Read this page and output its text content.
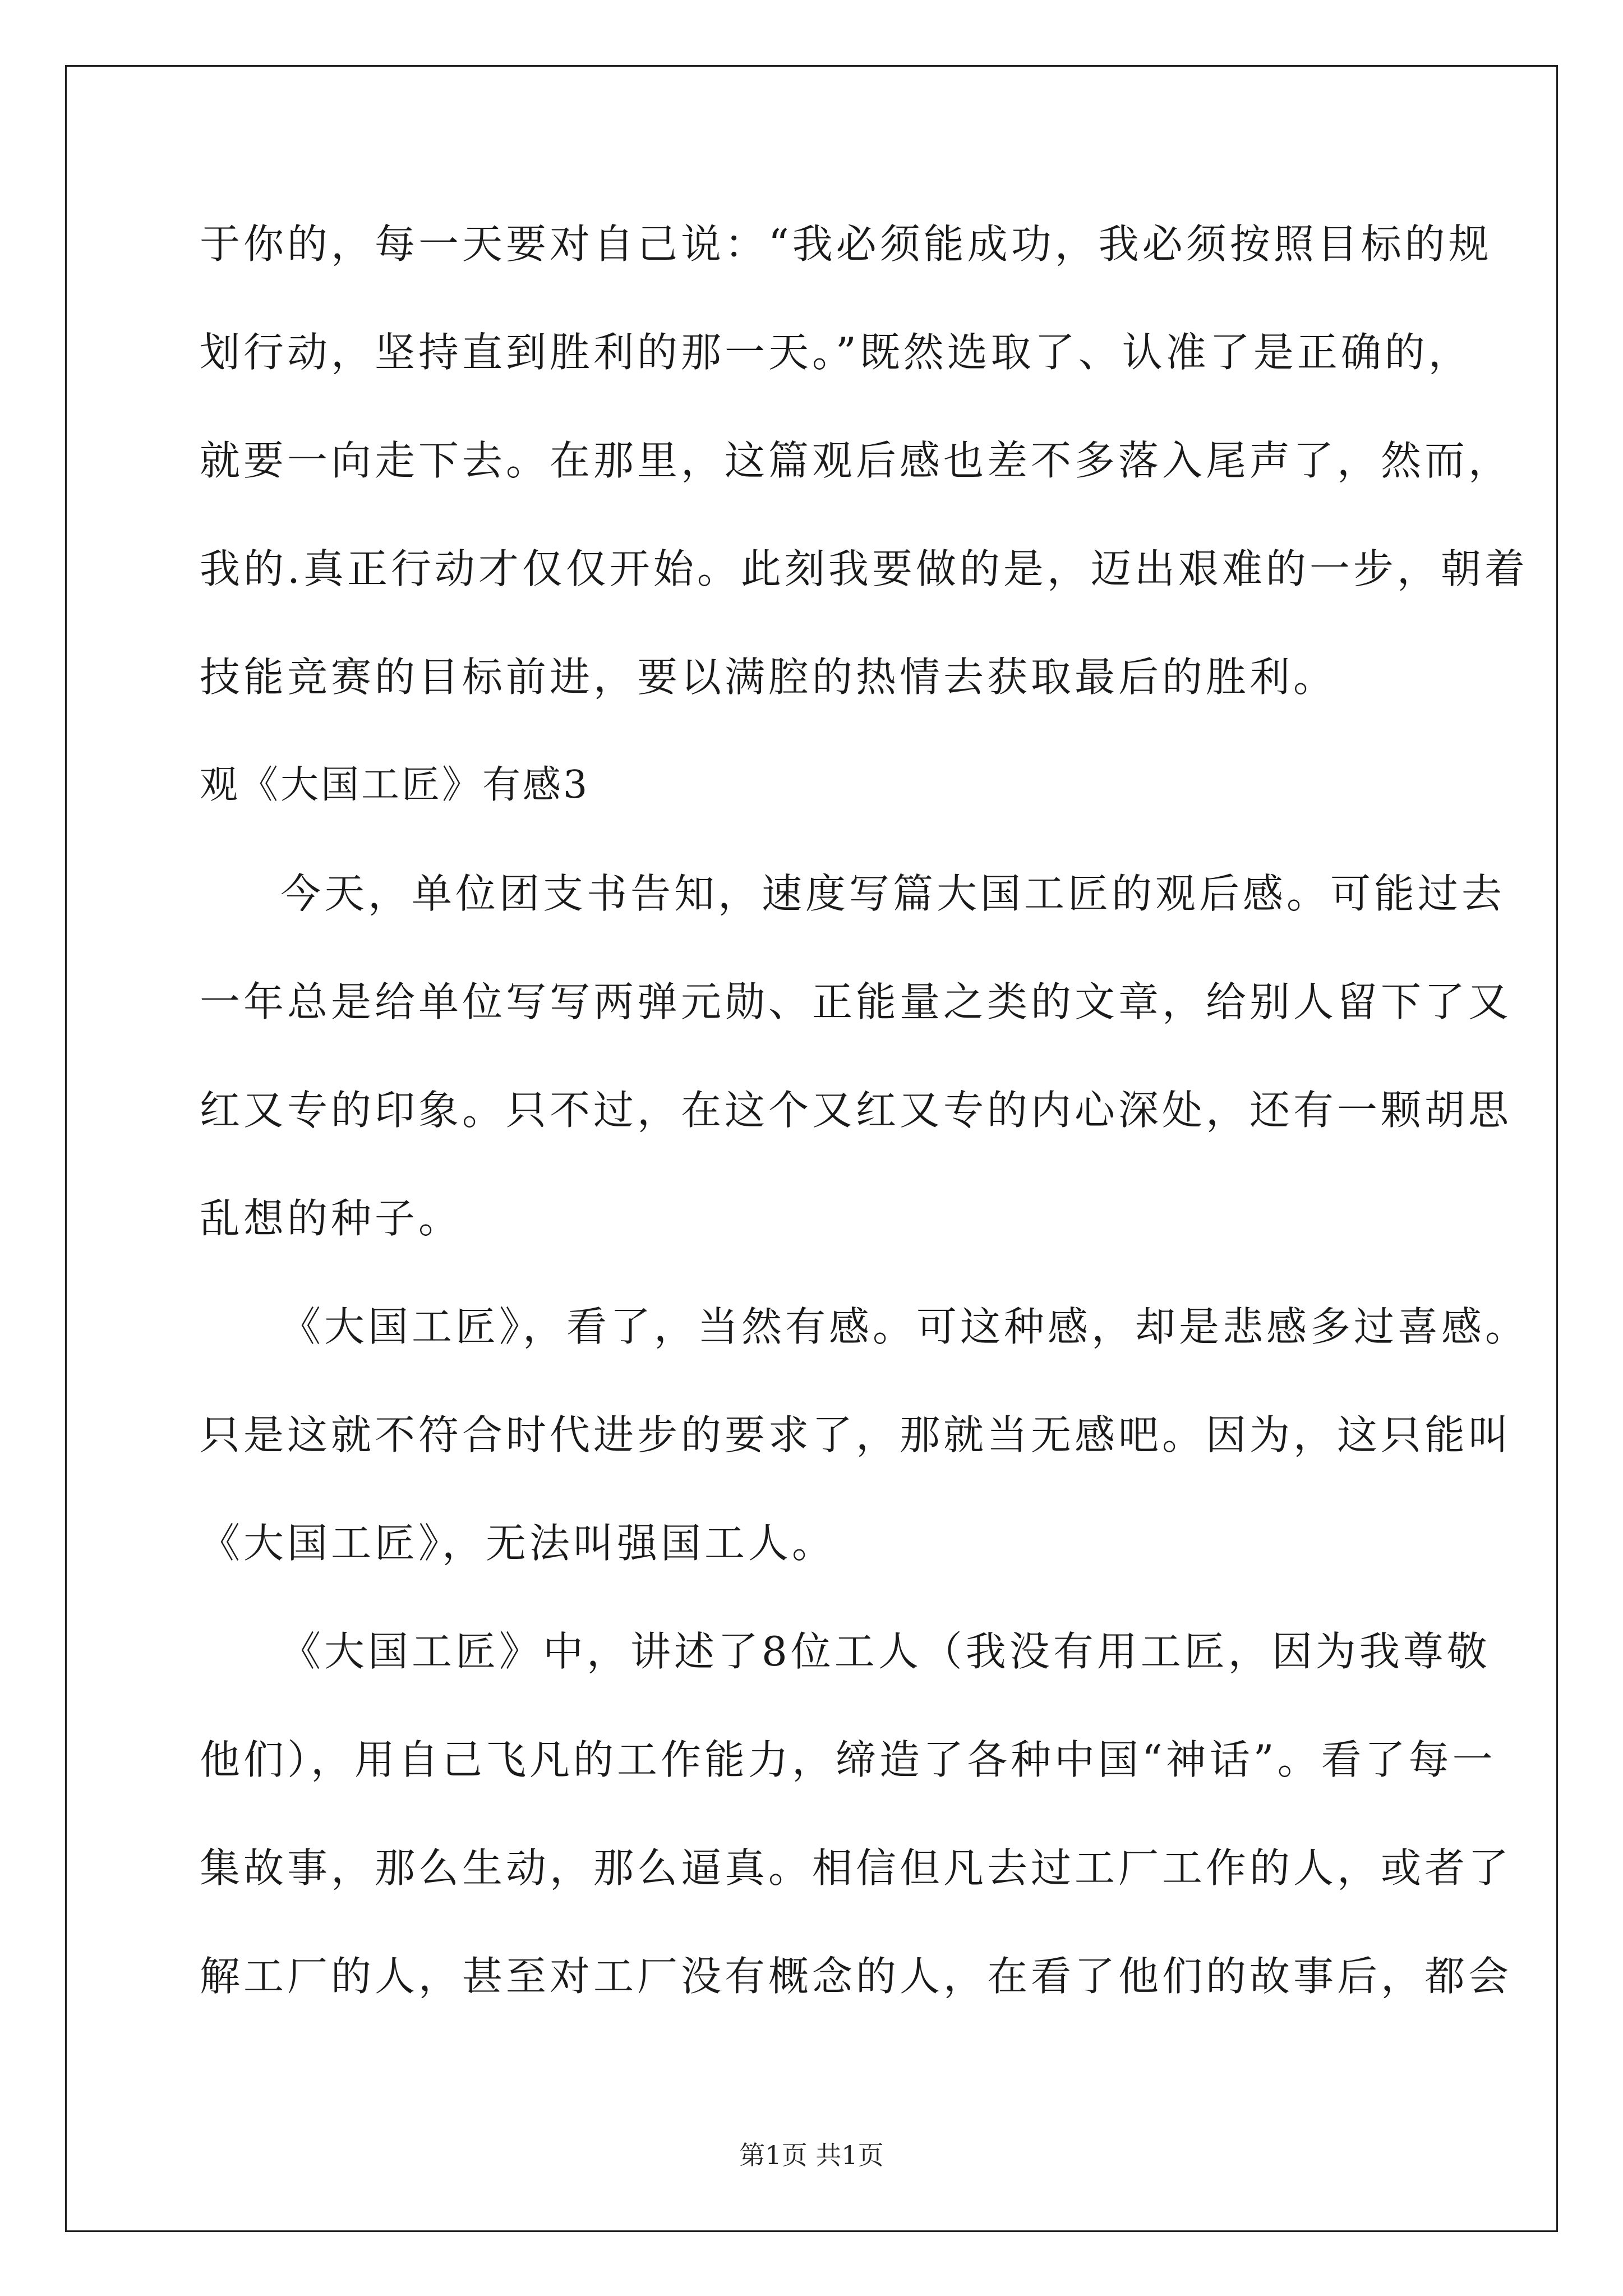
于你的，每一天要对自己说：“我必须能成功，我必须按照目标的规
划行动，坚持直到胜利的那一天。”既然选取了、认准了是正确的，
就要一向走下去。在那里，这篇观后感也差不多落入尾声了，然而，
我的.真正行动才仅仅开始。此刻我要做的是，迈出艰难的一步，朝着
技能竞赛的目标前进，要以满腔的热情去获取最后的胜利。
观《大国工匠》有感3
今天，单位团支书告知，速度写篇大国工匠的观后感。可能过去
一年总是给单位写写两弹元勋、正能量之类的文章，给别人留下了又
红又专的印象。只不过，在这个又红又专的内心深处，还有一颗胡思
乱想的种子。
《大国工匠》，看了，当然有感。可这种感，却是悲感多过喜感。
只是这就不符合时代进步的要求了，那就当无感吧。因为，这只能叫
《大国工匠》，无法叫强国工人。
《大国工匠》中，讲述了8位工人（我没有用工匠，因为我尊敬
他们），用自己飞凡的工作能力，缔造了各种中国“神话”。看了每一
集故事，那么生动，那么逼真。相信但凡去过工厂工作的人，或者了
解工厂的人，甚至对工厂没有概念的人，在看了他们的故事后，都会
第1页 共1页
